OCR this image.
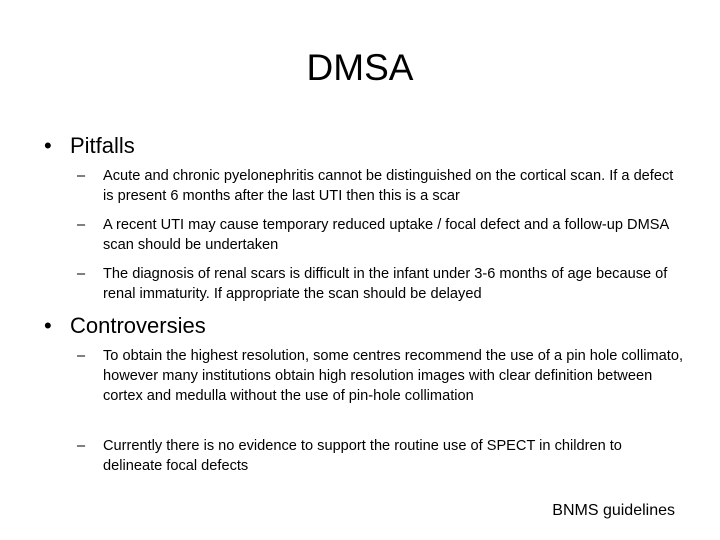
DMSA
• Pitfalls
–	Acute and chronic pyelonephritis cannot be distinguished on the cortical scan. If a defect is present 6 months after the last UTI then this is a scar
–	A recent UTI may cause temporary reduced uptake / focal defect and a follow-up DMSA scan should be undertaken
–	The diagnosis of renal scars is difficult in the infant under 3-6 months of age because of renal immaturity. If appropriate the scan should be delayed
• Controversies
–	To obtain the highest resolution, some centres recommend the use of a pin hole collimato, however many institutions obtain high resolution images with clear definition between cortex and medulla without the use of pin-hole collimation
–	Currently there is no evidence to support the routine use of SPECT in children to delineate focal defects
BNMS guidelines
